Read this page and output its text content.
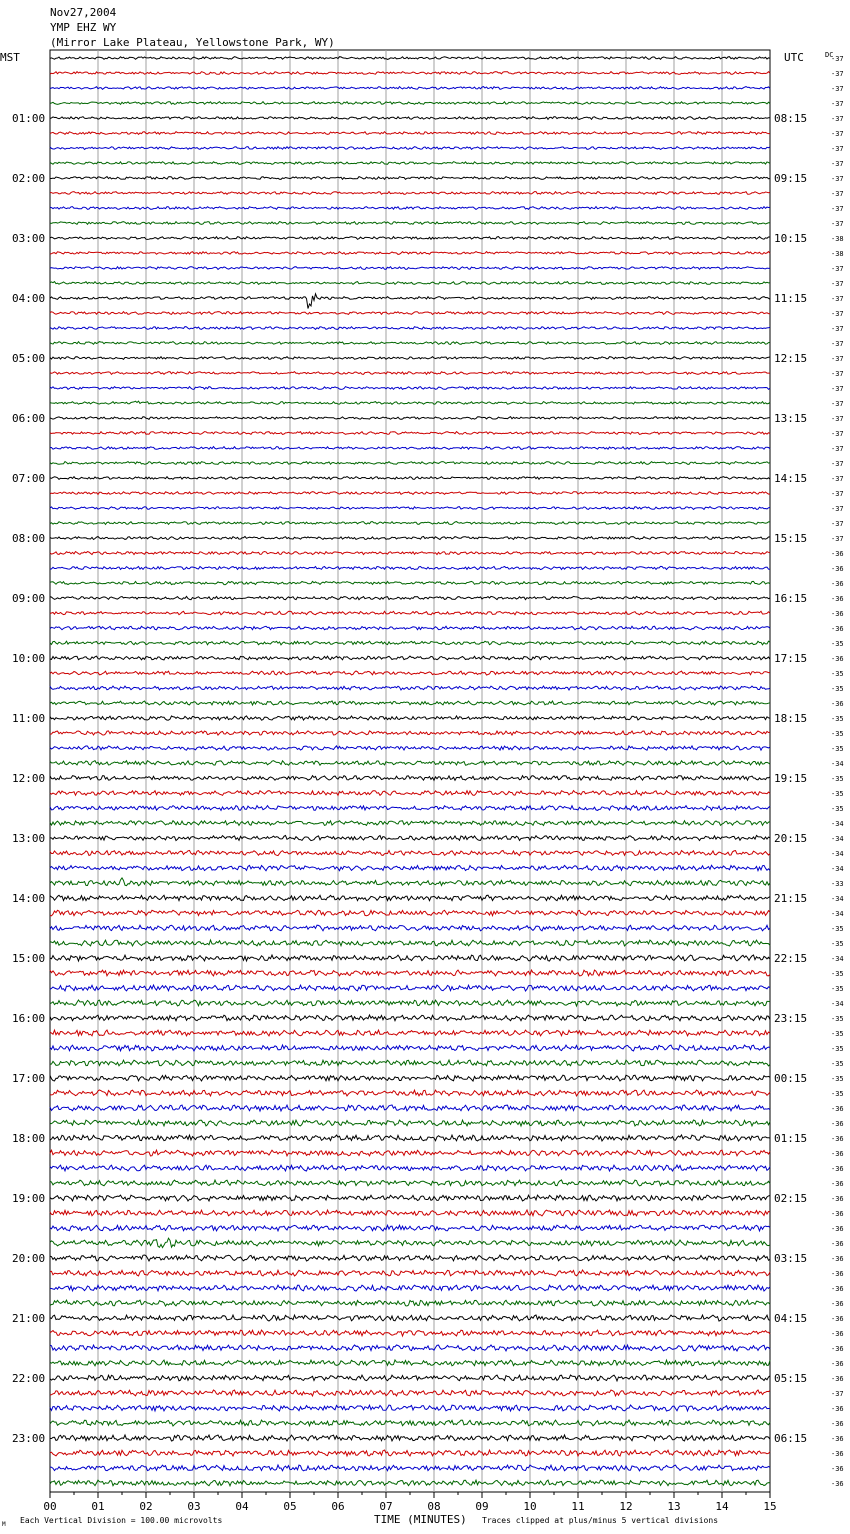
Nov27,2004
YMP EHZ WY
(Mirror Lake Plateau, Yellowstone Park, WY)
MST	UTC	DC
01:00
02:00
03:00
04:00
05:00
06:00
07:00
08:00
09:00
10:00
11:00
12:00
13:00
14:00
15:00
16:00
17:00
18:00
19:00
20:00
21:00
22:00
23:00
08:15
09:15
10:15
11:15
12:15
13:15
14:15
15:15
16:15
17:15
18:15
19:15
20:15
21:15
22:15
23:15
00:15
01:15
02:15
03:15
04:15
05:15
06:15
-37
-37
-37
-37
-37
-37
-37
-37
-37
-37
-37
-37
-38
-38
-37
-37
-37
-37
-37
-37
-37
-37
-37
-37
-37
-37
-37
-37
-37
-37
-37
-37
-37
-36
-36
-36
-36
-36
-36
-35
-36
-35
-35
-36
-35
-35
-35
-34
-35
-35
-35
-34
-34
-34
-34
-33
-34
-34
-35
-35
-34
-35
-35
-34
-35
-35
-35
-35
-35
-35
-36
-36
-36
-36
-36
-36
-36
-36
-36
-36
-36
-36
-36
-36
-36
-36
-36
-36
-36
-37
-36
-36
-36
-36
-36
-36
00	01	02	03	04	05	06	07	08	09	10	11	12	13	14	15
M Each Vertical Division = 100.00 microvolts	TIME (MINUTES) Traces clipped at plus/minus 5 vertical divisions
